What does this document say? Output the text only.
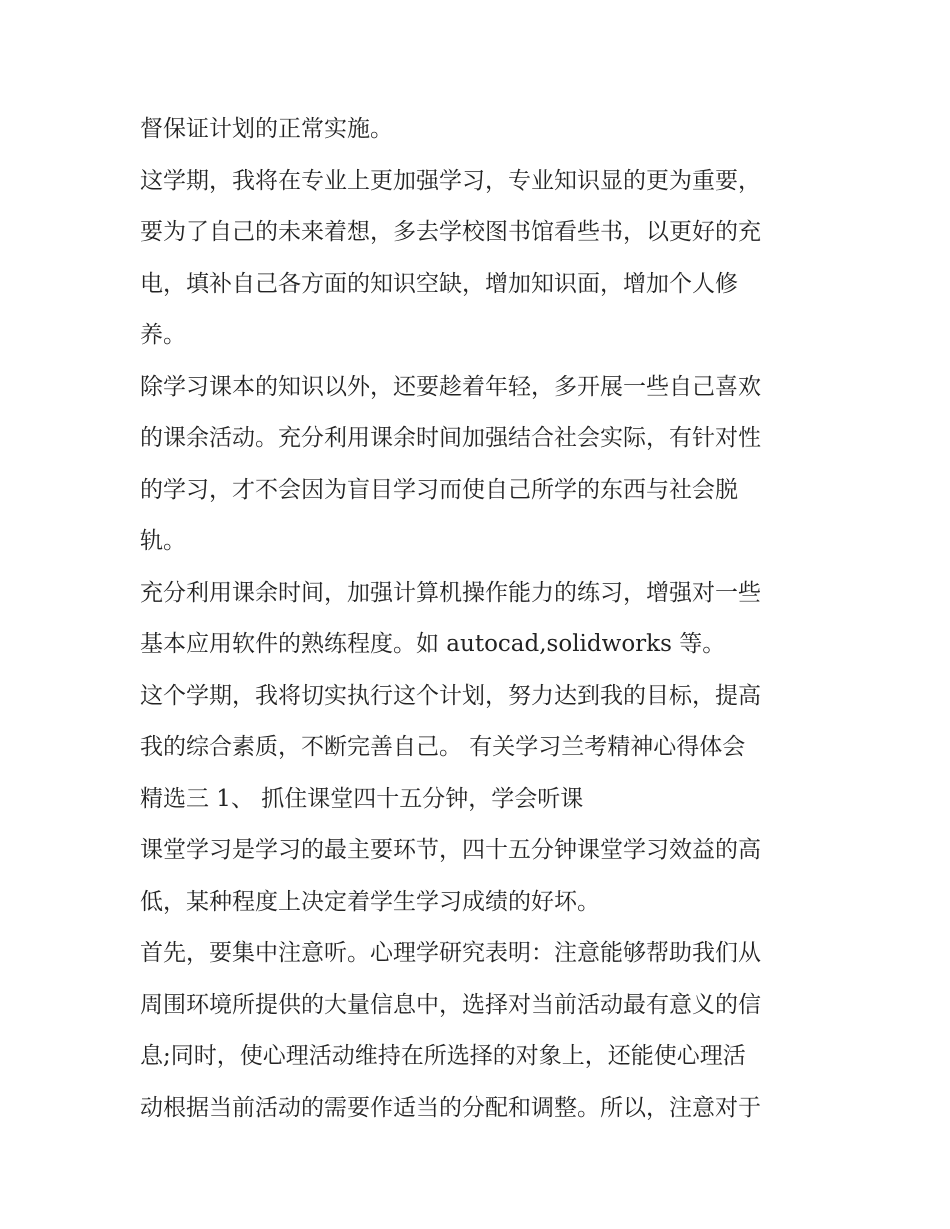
督保证计划的正常实施。
这学期，我将在专业上更加强学习，专业知识显的更为重要，
要为了自己的未来着想，多去学校图书馆看些书，以更好的充
电，填补自己各方面的知识空缺，增加知识面，增加个人修
养。
除学习课本的知识以外，还要趁着年轻，多开展一些自己喜欢
的课余活动。充分利用课余时间加强结合社会实际，有针对性
的学习，才不会因为盲目学习而使自己所学的东西与社会脱
轨。
充分利用课余时间，加强计算机操作能力的练习，增强对一些
基本应用软件的熟练程度。如 autocad,solidworks 等。
这个学期，我将切实执行这个计划，努力达到我的目标，提高
我的综合素质，不断完善自己。 有关学习兰考精神心得体会
精选三 1、 抓住课堂四十五分钟，学会听课
课堂学习是学习的最主要环节，四十五分钟课堂学习效益的高
低，某种程度上决定着学生学习成绩的好坏。
首先，要集中注意听。心理学研究表明：注意能够帮助我们从
周围环境所提供的大量信息中，选择对当前活动最有意义的信
息;同时，使心理活动维持在所选择的对象上，还能使心理活
动根据当前活动的需要作适当的分配和调整。所以，注意对于
